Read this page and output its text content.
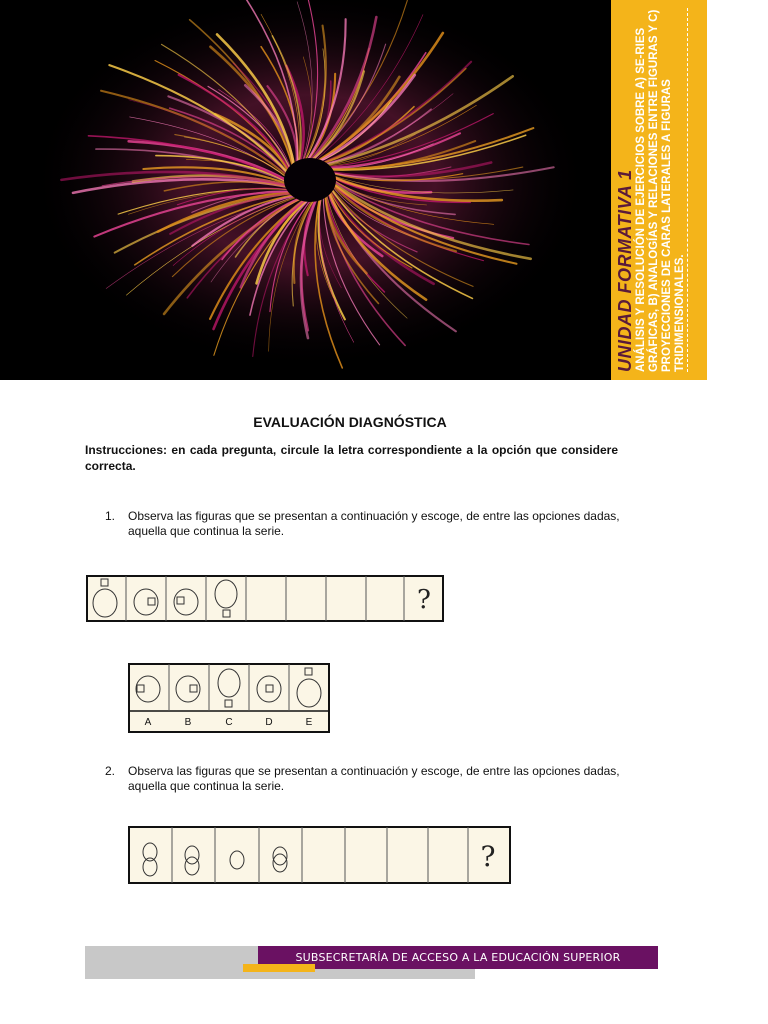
UNIDAD FORMATIVA 1 ANÁLISIS Y RESOLUCIÓN DE EJERCICIOS SOBRE A) SE-RIES GRÁFICAS, B) ANALOGÍAS Y RELACIONES ENTRE FIGURAS Y C) PROYECCIONES DE CARAS LATERALES A FIGURAS TRIDIMENSIONALES.
EVALUACIÓN DIAGNÓSTICA
Instrucciones: en cada pregunta, circule la letra correspondiente a la opción que considere correcta.
1. Observa las figuras que se presentan a continuación y escoge, de entre las opciones dadas, aquella que continua la serie.
?
A	B	C	D	E
2. Observa las figuras que se presentan a continuación y escoge, de entre las opciones dadas, aquella que continua la serie.
?
SUBSECRETARÍA DE ACCESO A LA EDUCACIÓN SUPERIOR
